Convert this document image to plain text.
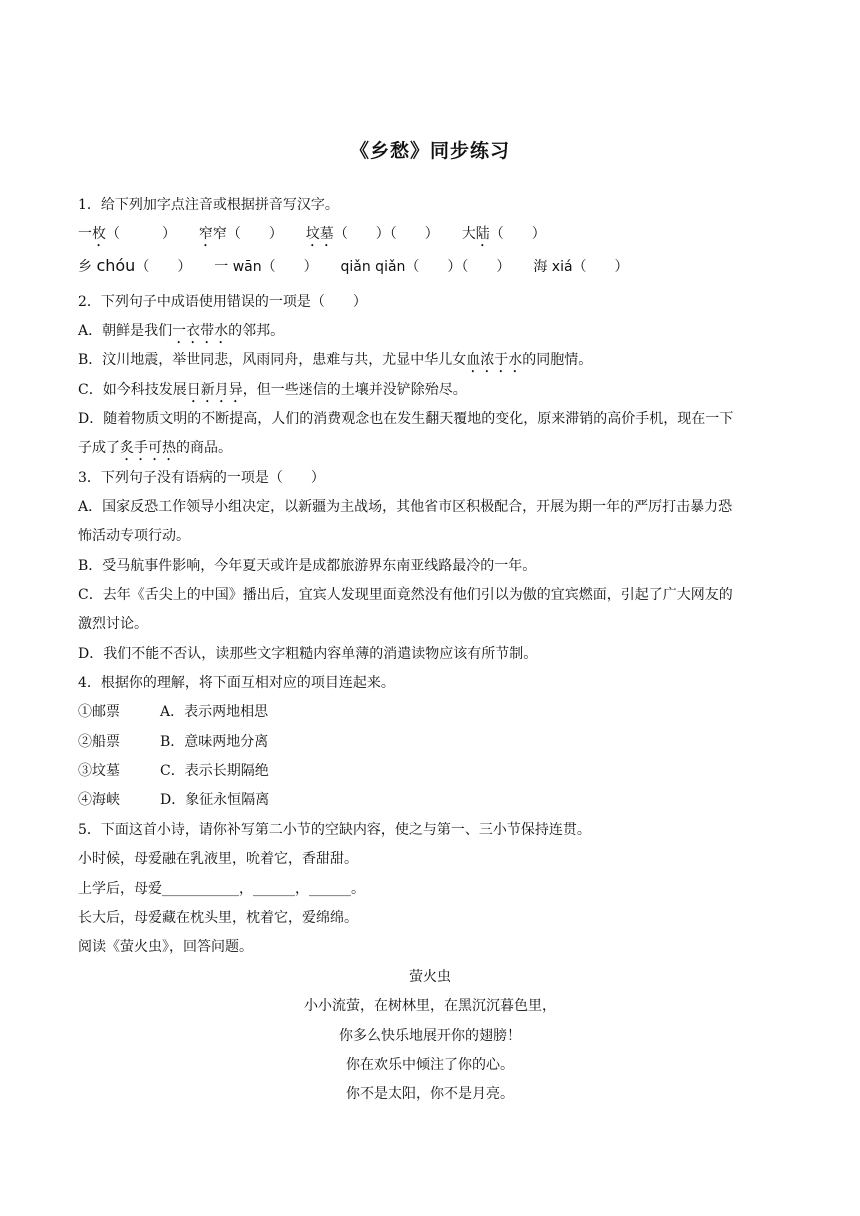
《乡愁》同步练习
1．给下列加字点注音或根据拼音写汉字。
一枚（　　　） 窄窄（　　） 坟墓（　　）（　　） 大陆（　　）
乡 chóu（　　） 一 wān（　　） qiǎn qiǎn（　　）（　　） 海 xiá（　　）
2．下列句子中成语使用错误的一项是（　　）
A．朝鲜是我们一衣带水的邻邦。
B．汶川地震，举世同悲，风雨同舟，患难与共，尤显中华儿女血浓于水的同胞情。
C．如今科技发展日新月异，但一些迷信的土壤并没铲除殆尽。
D．随着物质文明的不断提高，人们的消费观念也在发生翻天覆地的变化，原来滞销的高价手机，现在一下
子成了炙手可热的商品。
3．下列句子没有语病的一项是（　　）
A．国家反恐工作领导小组决定，以新疆为主战场，其他省市区积极配合，开展为期一年的严厉打击暴力恐
怖活动专项行动。
B．受马航事件影响，今年夏天或许是成都旅游界东南亚线路最冷的一年。
C．去年《舌尖上的中国》播出后，宜宾人发现里面竟然没有他们引以为傲的宜宾燃面，引起了广大网友的
激烈讨论。
D．我们不能不否认，读那些文字粗糙内容单薄的消遣读物应该有所节制。
4．根据你的理解，将下面互相对应的项目连起来。
①邮票	A．表示两地相思
②船票	B．意味两地分离
③坟墓	C．表示长期隔绝
④海峡	D．象征永恒隔离
5．下面这首小诗，请你补写第二小节的空缺内容，使之与第一、三小节保持连贯。
小时候，母爱融在乳液里，吮着它，香甜甜。
上学后，母爱___________，______，______。
长大后，母爱藏在枕头里，枕着它，爱绵绵。
阅读《萤火虫》，回答问题。
萤火虫
小小流萤，在树林里，在黑沉沉暮色里，
你多么快乐地展开你的翅膀！
你在欢乐中倾注了你的心。
你不是太阳，你不是月亮。
